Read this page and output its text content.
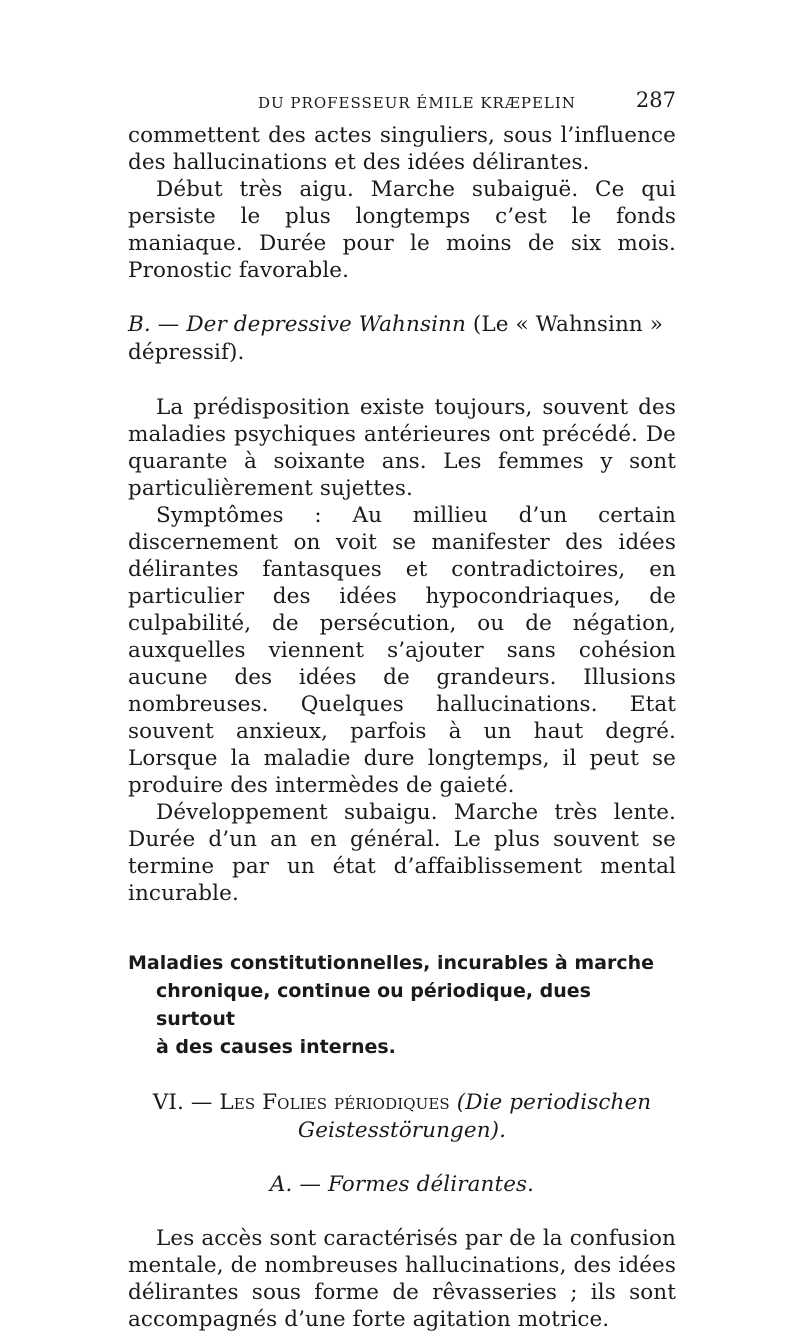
DU PROFESSEUR ÉMILE KRÆPELIN	287

commettent des actes singuliers, sous l’influence des hallucinations et des idées délirantes.

Début très aigu. Marche subaiguë. Ce qui persiste le plus longtemps c’est le fonds maniaque. Durée pour le moins de six mois. Pronostic favorable.

B. — Der depressive Wahnsinn (Le « Wahnsinn » dépressif).

La prédisposition existe toujours, souvent des maladies psychiques antérieures ont précédé. De quarante à soixante ans. Les femmes y sont particulièrement sujettes.

Symptômes : Au millieu d’un certain discernement on voit se manifester des idées délirantes fantasques et contradictoires, en particulier des idées hypocondriaques, de culpabilité, de persécution, ou de négation, auxquelles viennent s’ajouter sans cohésion aucune des idées de grandeurs. Illusions nombreuses. Quelques hallucinations. Etat souvent anxieux, parfois à un haut degré. Lorsque la maladie dure longtemps, il peut se produire des intermèdes de gaieté.

Développement subaigu. Marche très lente. Durée d’un an en général. Le plus souvent se termine par un état d’affaiblissement mental incurable.

Maladies constitutionnelles, incurables à marche
chronique, continue ou périodique, dues surtout
à des causes internes.

VI. — Les Folies périodiques (Die periodischen

Geistesstörungen).

A. — Formes délirantes.

Les accès sont caractérisés par de la confusion mentale, de nombreuses hallucinations, des idées délirantes sous forme de rêvasseries ; ils sont accompagnés d’une forte agitation motrice.
